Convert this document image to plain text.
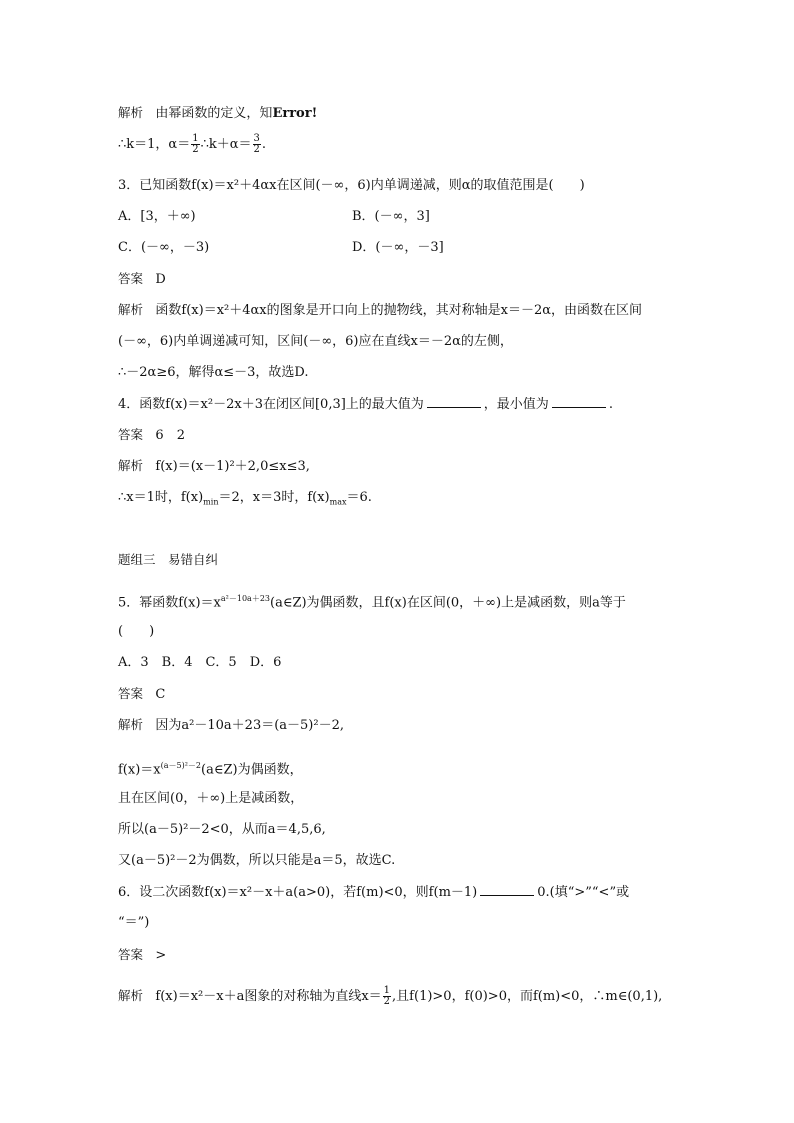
解析 由幂函数的定义，知Error!
∴k＝1，$\alpha= \frac{1}{2}$ ∴k＋α＝ $\frac{3}{2}$ .
3．已知函数f(x)＝x²＋4αx在区间(－∞，6)内单调递减，则α的取值范围是(　　)
A．[3，＋∞)	B．(－∞，3]
C．(－∞，－3)	D．(－∞，－3]
答案 D
解析 函数f(x)＝x²＋4αx的图象是开口向上的抛物线，其对称轴是x＝－2α，由函数在区间
(－∞，6)内单调递减可知，区间(－∞，6)应在直线x＝－2α的左侧，
∴－2α≥6，解得α≤－3，故选D.
4．函数f(x)＝x²－2x＋3在闭区间[0,3]上的最大值为	，最小值为	.
答案 6　2
解析 f(x)＝(x－1)²＋2,0≤x≤3,
∴x＝1时，$f(x)_{min}=2$，x＝3时，$f(x)_{max}=6$.
题组三　易错自纠
5．幂函数$f(x)=x^{a^2-10a+23}(a\in Z)$为偶函数，且f(x)在区间(0，＋∞)上是减函数，则a等于
(　　)
A．3　B．4　C．5　D．6
答案 C
解析 因为a²－10a＋23＝(a－5)²－2,
$f(x)=x^{(a-5)^2-2}(a\in Z)$为偶函数，
且在区间(0，＋∞)上是减函数，
所以(a－5)²－2<0，从而a＝4,5,6,
又(a－5)²－2为偶数，所以只能是a＝5，故选C.
6．设二次函数f(x)＝x²－x＋a(a>0)，若f(m)<0，则f(m－1)	0.(填“>”“<”或
“＝”)
答案 >
解析 f(x)＝x²－x＋a图象的对称轴为直线$x= \frac{1}{2}$ ,且f(1)>0，f(0)>0，而f(m)<0，∴m∈(0,1),
